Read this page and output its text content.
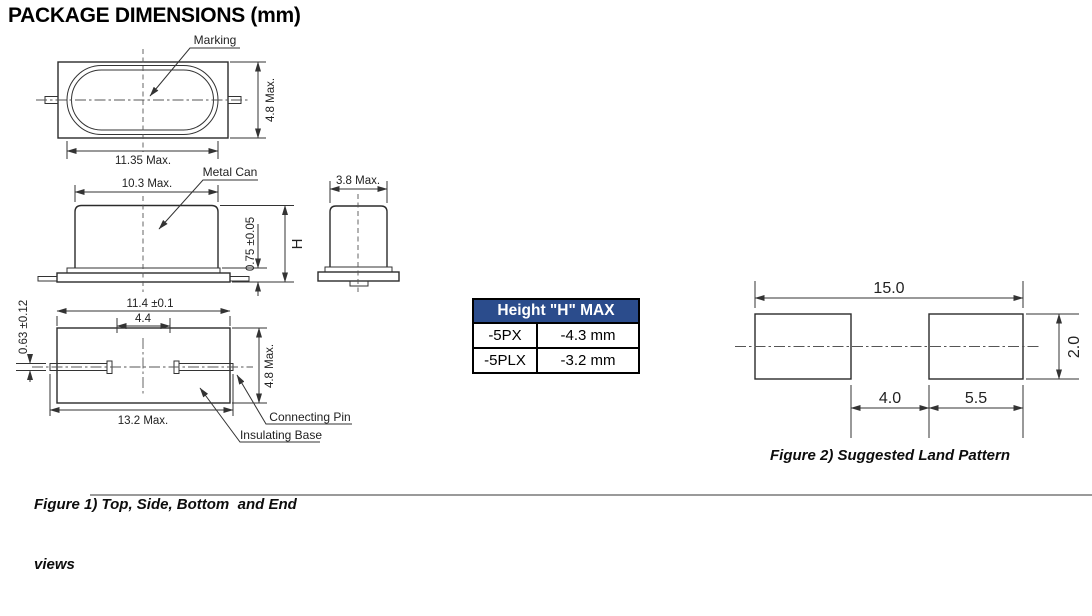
PACKAGE DIMENSIONS (mm)
Marking
11.35 Max.
4.8 Max.
Metal Can
10.3 Max.
0.75 ±0.05 H
3.8 Max.
11.4 ±0.1
4.4
0.63 ±0.12
4.8 Max.
13.2 Max.	Connecting Pin
Insulating Base
15.0
2.0
4.0	5.5
Height "H" MAX	
-5PX	-4.3 mm
-5PLX	-3.2 mm

Figure 1) Top, Side, Bottom  and End

views

Figure 2) Suggested Land Pattern
